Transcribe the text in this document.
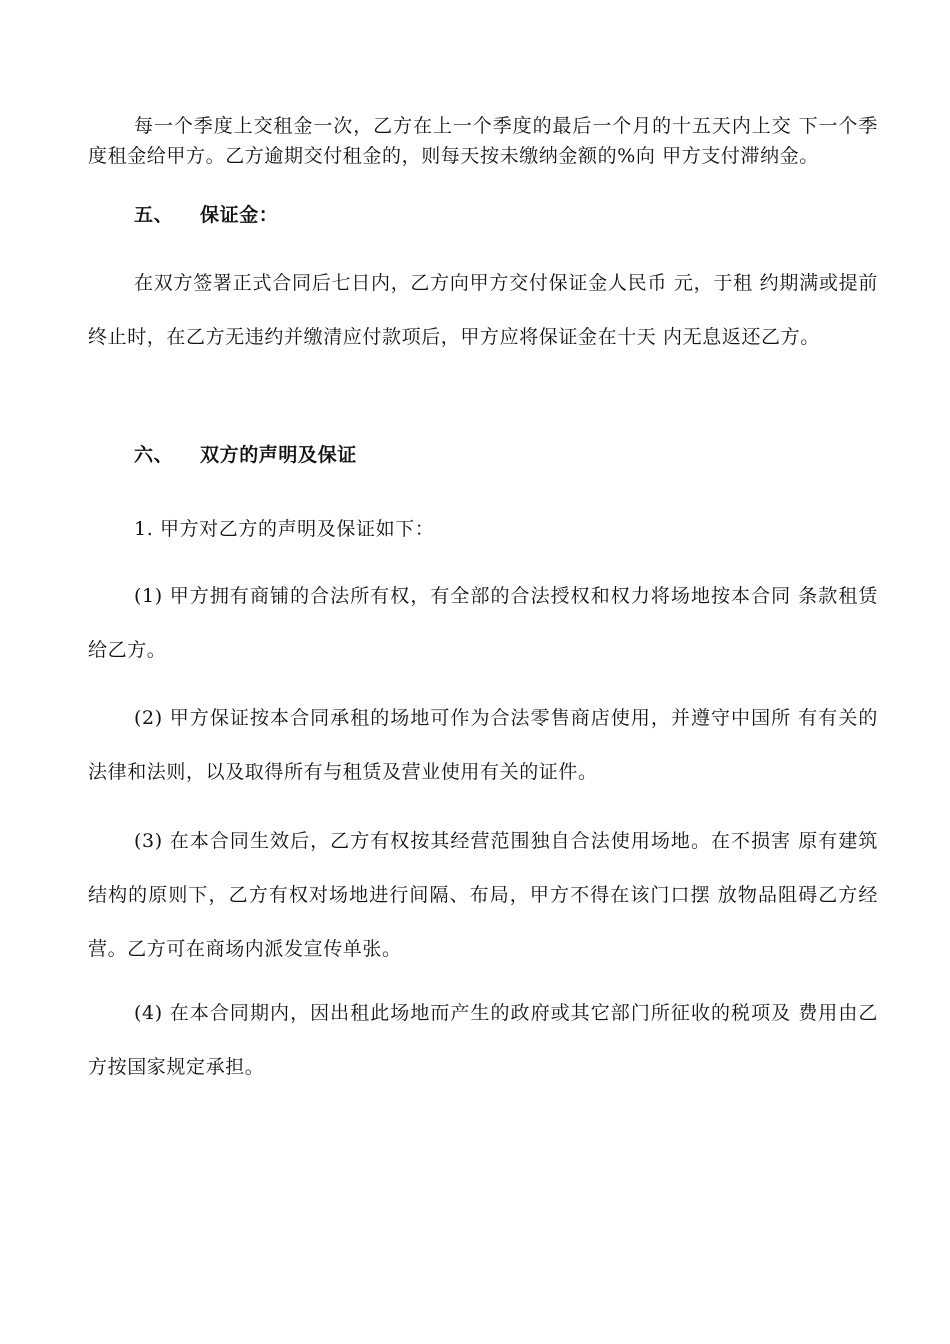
每一个季度上交租金一次，乙方在上一个季度的最后一个月的十五天内上交 下一个季度租金给甲方。乙方逾期交付租金的，则每天按未缴纳金额的%向 甲方支付滞纳金。

五、 保证金：

在双方签署正式合同后七日内，乙方向甲方交付保证金人民币 元，于租 约期满或提前终止时，在乙方无违约并缴清应付款项后，甲方应将保证金在十天 内无息返还乙方。

六、 双方的声明及保证

1. 甲方对乙方的声明及保证如下：

(1) 甲方拥有商铺的合法所有权，有全部的合法授权和权力将场地按本合同 条款租赁给乙方。

(2) 甲方保证按本合同承租的场地可作为合法零售商店使用，并遵守中国所 有有关的法律和法则，以及取得所有与租赁及营业使用有关的证件。

(3) 在本合同生效后，乙方有权按其经营范围独自合法使用场地。在不损害 原有建筑结构的原则下，乙方有权对场地进行间隔、布局，甲方不得在该门口摆 放物品阻碍乙方经营。乙方可在商场内派发宣传单张。

(4) 在本合同期内，因出租此场地而产生的政府或其它部门所征收的税项及 费用由乙方按国家规定承担。
